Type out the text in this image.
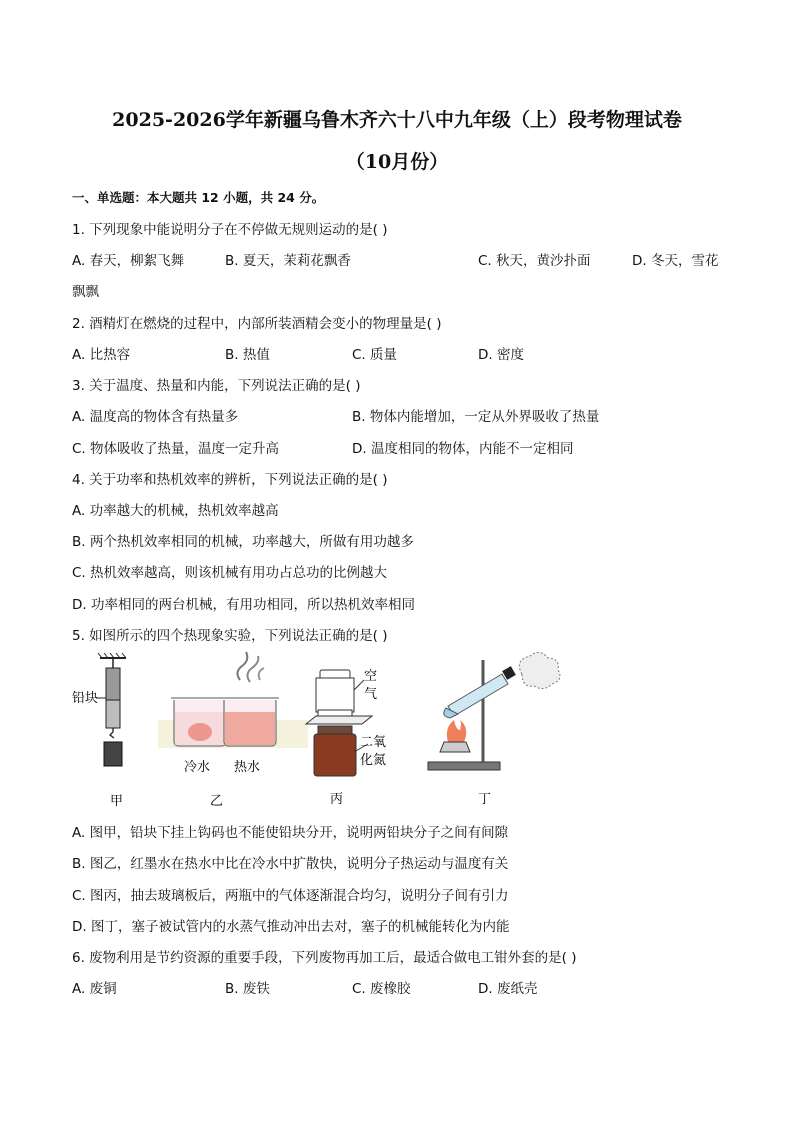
2025-2026学年新疆乌鲁木齐六十八中九年级（上）段考物理试卷
（10月份）
一、单选题：本大题共 12 小题，共 24 分。
1. 下列现象中能说明分子在不停做无规则运动的是( )
A. 春天，柳絮飞舞	B. 夏天，茉莉花飘香	C. 秋天，黄沙扑面	D. 冬天，雪花
飘飘
2. 酒精灯在燃烧的过程中，内部所装酒精会变小的物理量是( )
A. 比热容	B. 热值	C. 质量	D. 密度
3. 关于温度、热量和内能，下列说法正确的是( )
A. 温度高的物体含有热量多	B. 物体内能增加，一定从外界吸收了热量
C. 物体吸收了热量，温度一定升高	D. 温度相同的物体，内能不一定相同
4. 关于功率和热机效率的辨析，下列说法正确的是( )
A. 功率越大的机械，热机效率越高
B. 两个热机效率相同的机械，功率越大，所做有用功越多
C. 热机效率越高，则该机械有用功占总功的比例越大
D. 功率相同的两台机械，有用功相同，所以热机效率相同
5. 如图所示的四个热现象实验，下列说法正确的是( )
铅块
冷水 热水
空
气
二氧
化氮
甲	乙	丙	丁
A. 图甲，铅块下挂上钩码也不能使铅块分开，说明两铅块分子之间有间隙
B. 图乙，红墨水在热水中比在冷水中扩散快，说明分子热运动与温度有关
C. 图丙，抽去玻璃板后，两瓶中的气体逐渐混合均匀，说明分子间有引力
D. 图丁，塞子被试管内的水蒸气推动冲出去对，塞子的机械能转化为内能
6. 废物利用是节约资源的重要手段，下列废物再加工后，最适合做电工钳外套的是( )
A. 废铜	B. 废铁	C. 废橡胶	D. 废纸壳
